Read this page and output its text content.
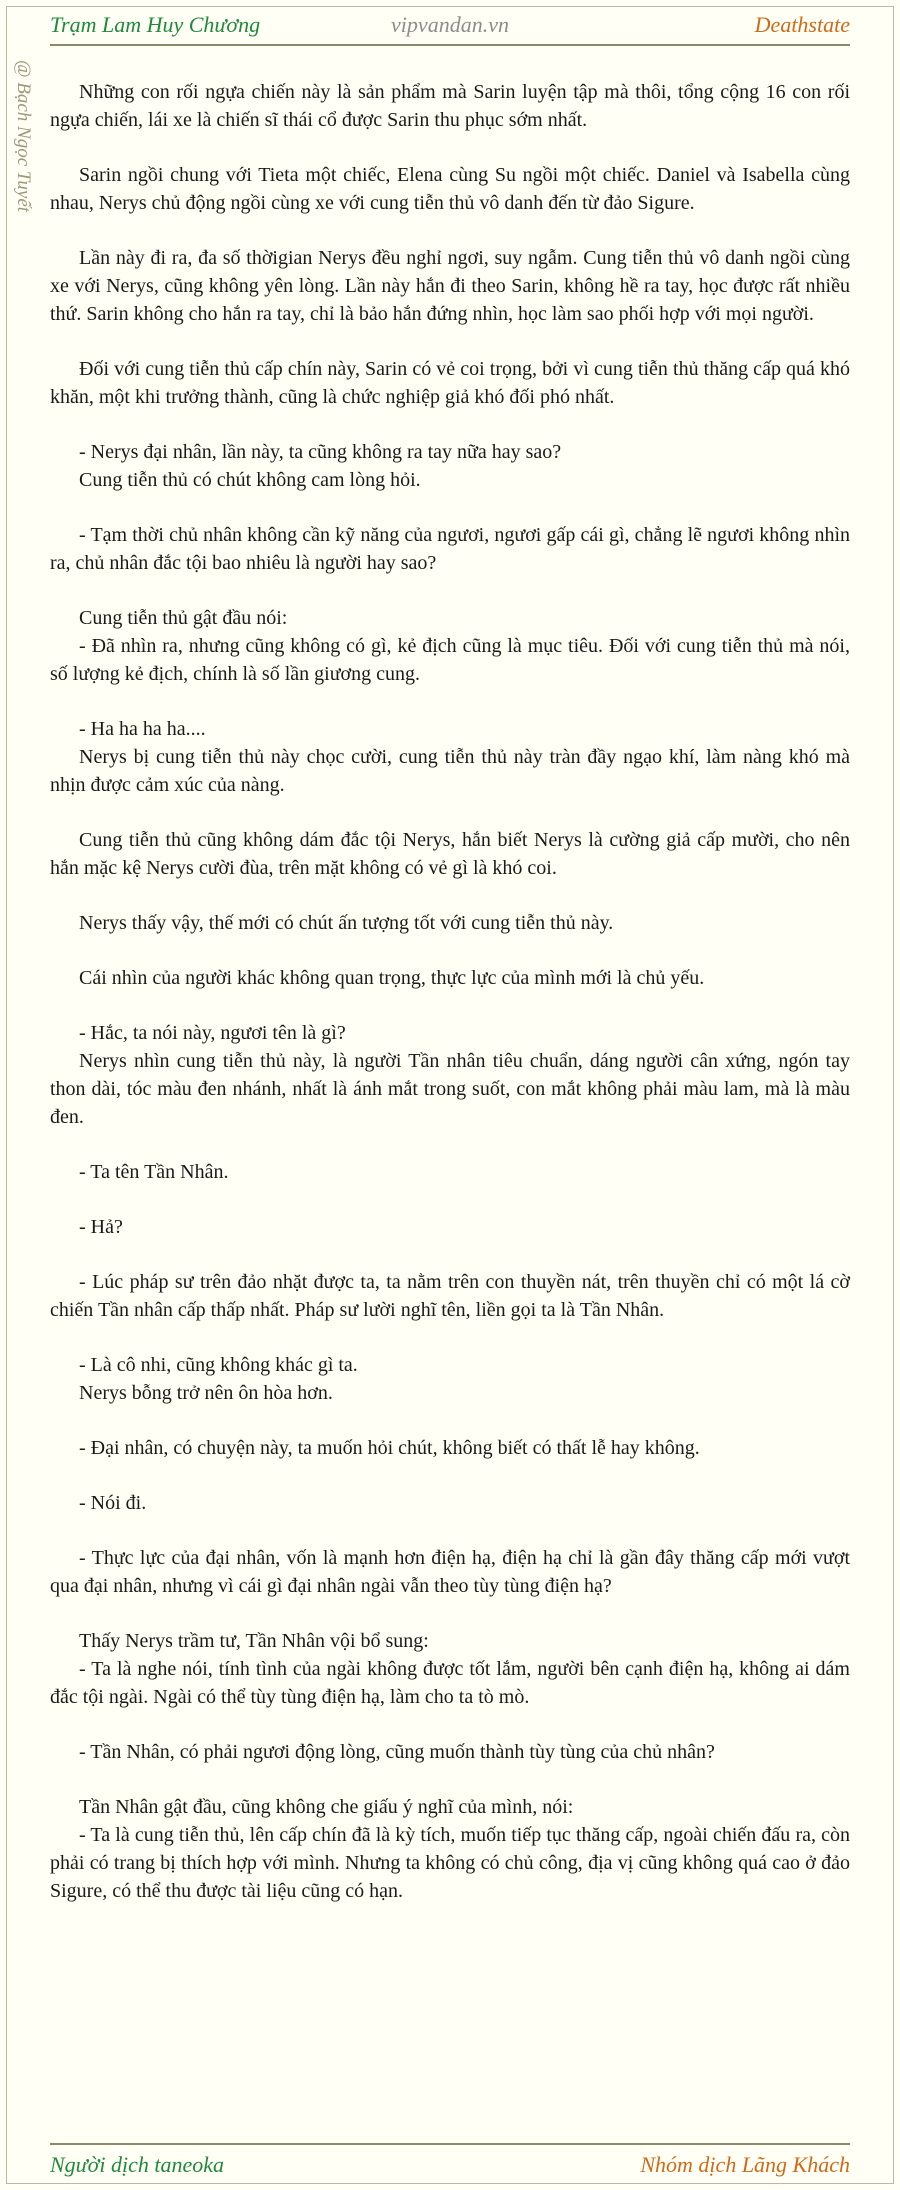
Trạm Lam Huy Chương	Deathstate
vipvandan.vn
@ Bạch Ngọc Tuyết	Những con rối ngựa chiến này là sản phẩm mà Sarin luyện tập mà thôi, tổng cộng 16 con rối ngựa chiến, lái xe là chiến sĩ thái cổ được Sarin thu phục sớm nhất.

Sarin ngồi chung với Tieta một chiếc, Elena cùng Su ngồi một chiếc. Daniel và Isabella cùng nhau, Nerys chủ động ngồi cùng xe với cung tiễn thủ vô danh đến từ đảo Sigure.

Lần này đi ra, đa số thờigian Nerys đều nghỉ ngơi, suy ngẫm. Cung tiễn thủ vô danh ngồi cùng xe với Nerys, cũng không yên lòng. Lần này hắn đi theo Sarin, không hề ra tay, học được rất nhiều thứ. Sarin không cho hắn ra tay, chỉ là bảo hắn đứng nhìn, học làm sao phối hợp với mọi người.

Đối với cung tiễn thủ cấp chín này, Sarin có vẻ coi trọng, bởi vì cung tiễn thủ thăng cấp quá khó khăn, một khi trưởng thành, cũng là chức nghiệp giả khó đối phó nhất.

- Nerys đại nhân, lần này, ta cũng không ra tay nữa hay sao?

Cung tiễn thủ có chút không cam lòng hỏi.

- Tạm thời chủ nhân không cần kỹ năng của ngươi, ngươi gấp cái gì, chẳng lẽ ngươi không nhìn ra, chủ nhân đắc tội bao nhiêu là người hay sao?

Cung tiễn thủ gật đầu nói:

- Đã nhìn ra, nhưng cũng không có gì, kẻ địch cũng là mục tiêu. Đối với cung tiễn thủ mà nói, số lượng kẻ địch, chính là số lần giương cung.

- Ha ha ha ha....

Nerys bị cung tiễn thủ này chọc cười, cung tiễn thủ này tràn đầy ngạo khí, làm nàng khó mà nhịn được cảm xúc của nàng.

Cung tiễn thủ cũng không dám đắc tội Nerys, hắn biết Nerys là cường giả cấp mười, cho nên hắn mặc kệ Nerys cười đùa, trên mặt không có vẻ gì là khó coi.

Nerys thấy vậy, thế mới có chút ấn tượng tốt với cung tiễn thủ này.

Cái nhìn của người khác không quan trọng, thực lực của mình mới là chủ yếu.

- Hắc, ta nói này, ngươi tên là gì?

Nerys nhìn cung tiễn thủ này, là người Tần nhân tiêu chuẩn, dáng người cân xứng, ngón tay thon dài, tóc màu đen nhánh, nhất là ánh mắt trong suốt, con mắt không phải màu lam, mà là màu đen.

- Ta tên Tần Nhân.

- Hả?

- Lúc pháp sư trên đảo nhặt được ta, ta nằm trên con thuyền nát, trên thuyền chỉ có một lá cờ chiến Tần nhân cấp thấp nhất. Pháp sư lười nghĩ tên, liền gọi ta là Tần Nhân.

- Là cô nhi, cũng không khác gì ta.

Nerys bỗng trở nên ôn hòa hơn.

- Đại nhân, có chuyện này, ta muốn hỏi chút, không biết có thất lễ hay không.

- Nói đi.

- Thực lực của đại nhân, vốn là mạnh hơn điện hạ, điện hạ chỉ là gần đây thăng cấp mới vượt qua đại nhân, nhưng vì cái gì đại nhân ngài vẫn theo tùy tùng điện hạ?

Thấy Nerys trầm tư, Tần Nhân vội bổ sung:

- Ta là nghe nói, tính tình của ngài không được tốt lắm, người bên cạnh điện hạ, không ai dám đắc tội ngài. Ngài có thể tùy tùng điện hạ, làm cho ta tò mò.

- Tần Nhân, có phải ngươi động lòng, cũng muốn thành tùy tùng của chủ nhân?

Tần Nhân gật đầu, cũng không che giấu ý nghĩ của mình, nói:

- Ta là cung tiễn thủ, lên cấp chín đã là kỳ tích, muốn tiếp tục thăng cấp, ngoài chiến đấu ra, còn phải có trang bị thích hợp với mình. Nhưng ta không có chủ công, địa vị cũng không quá cao ở đảo Sigure, có thể thu được tài liệu cũng có hạn.

Người dịch taneoka	Nhóm dịch Lãng Khách
